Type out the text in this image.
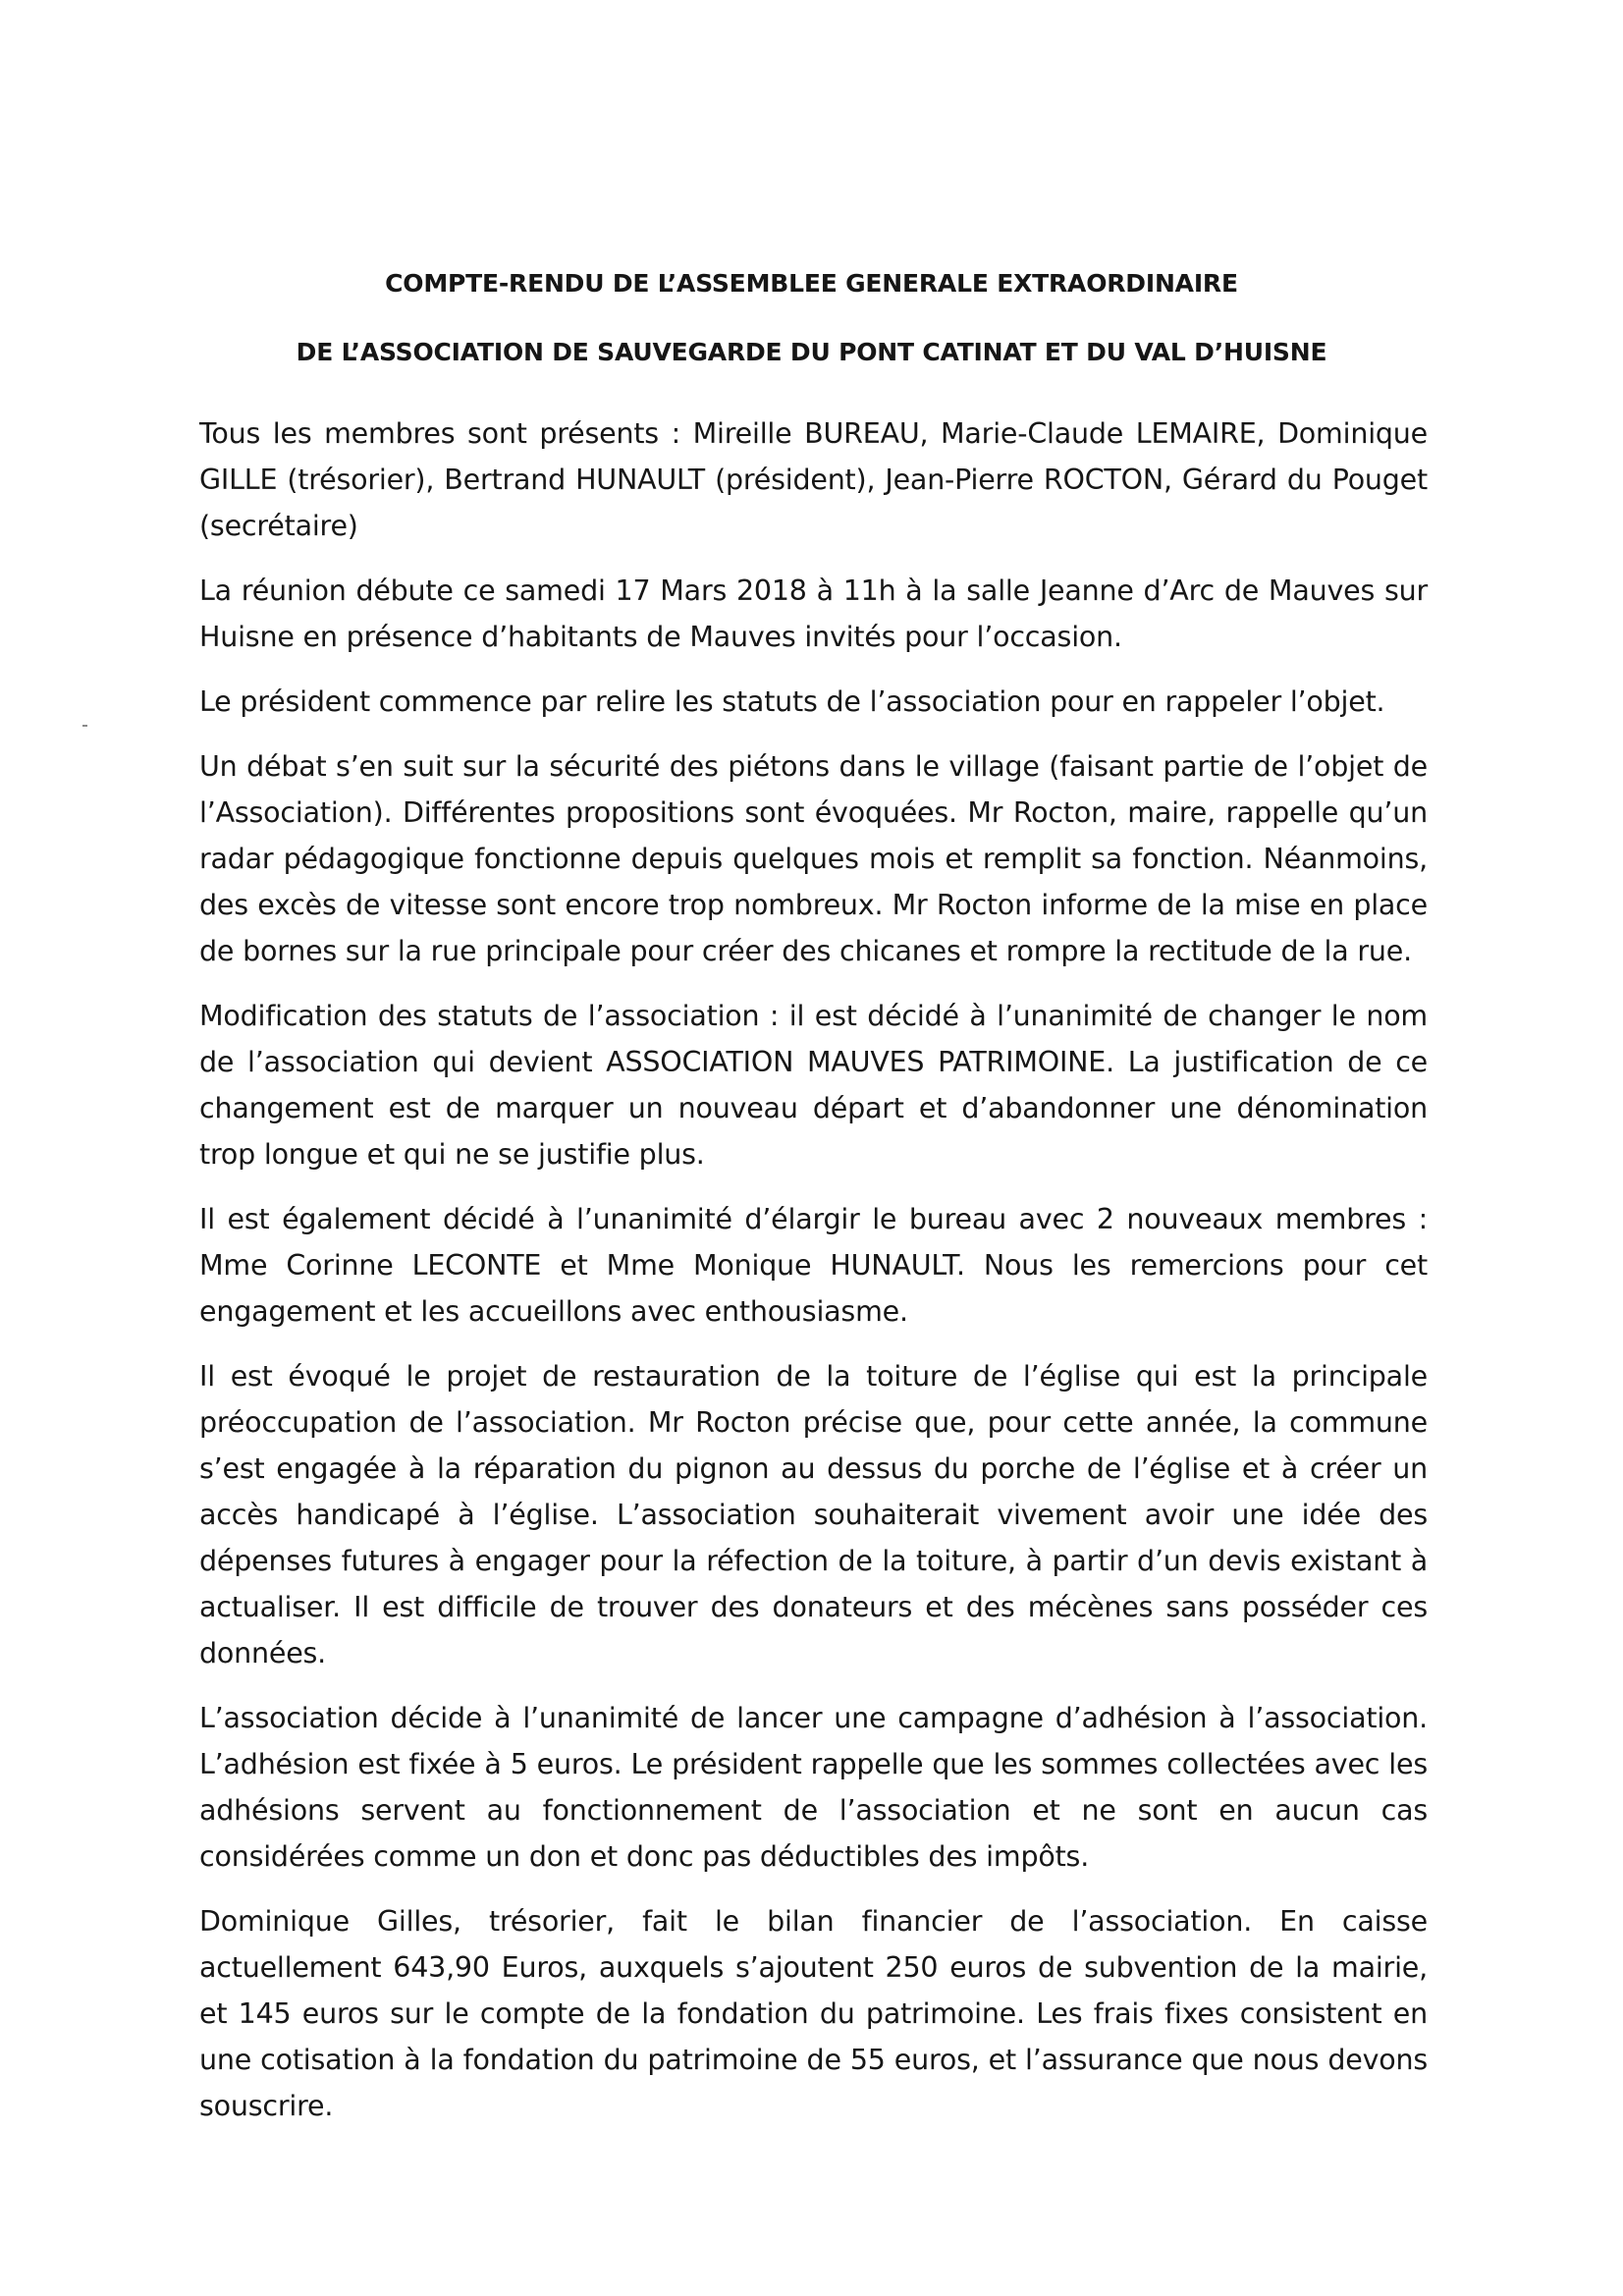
COMPTE-RENDU DE L’ASSEMBLEE GENERALE EXTRAORDINAIRE
DE L’ASSOCIATION DE SAUVEGARDE DU PONT CATINAT ET DU VAL D’HUISNE

Tous les membres sont présents : Mireille BUREAU, Marie-Claude LEMAIRE, Dominique GILLE (trésorier), Bertrand HUNAULT (président), Jean-Pierre ROCTON, Gérard du Pouget (secrétaire)

La réunion débute ce samedi 17 Mars 2018 à 11h à la salle Jeanne d’Arc de Mauves sur Huisne en présence d’habitants de Mauves invités pour l’occasion.

Le président commence par relire les statuts de l’association pour en rappeler l’objet.

Un débat s’en suit sur la sécurité des piétons dans le village (faisant partie de l’objet de l’Association). Différentes propositions sont évoquées. Mr Rocton, maire, rappelle qu’un radar pédagogique fonctionne depuis quelques mois et remplit sa fonction. Néanmoins, des excès de vitesse sont encore trop nombreux. Mr Rocton informe de la mise en place de bornes sur la rue principale pour créer des chicanes et rompre la rectitude de la rue.

Modification des statuts de l’association : il est décidé à l’unanimité de changer le nom de l’association qui devient ASSOCIATION MAUVES PATRIMOINE. La justification de ce changement est de marquer un nouveau départ et d’abandonner une dénomination trop longue et qui ne se justifie plus.

Il est également décidé à l’unanimité d’élargir le bureau avec 2 nouveaux membres : Mme Corinne LECONTE et Mme Monique HUNAULT. Nous les remercions pour cet engagement et les accueillons avec enthousiasme.

Il est évoqué le projet de restauration de la toiture de l’église qui est la principale préoccupation de l’association. Mr Rocton précise que, pour cette année, la commune s’est engagée à la réparation du pignon au dessus du porche de l’église et à créer un accès handicapé à l’église. L’association souhaiterait vivement avoir une idée des dépenses futures à engager pour la réfection de la toiture, à partir d’un devis existant à actualiser. Il est difficile de trouver des donateurs et des mécènes sans posséder ces données.

L’association décide à l’unanimité de lancer une campagne d’adhésion à l’association. L’adhésion est fixée à 5 euros. Le président rappelle que les sommes collectées avec les adhésions servent au fonctionnement de l’association et ne sont en aucun cas considérées comme un don et donc pas déductibles des impôts.

Dominique Gilles, trésorier, fait le bilan financier de l’association. En caisse actuellement 643,90 Euros, auxquels s’ajoutent 250 euros de subvention de la mairie, et 145 euros sur le compte de la fondation du patrimoine. Les frais fixes consistent en une cotisation à la fondation du patrimoine de 55 euros, et l’assurance que nous devons souscrire.
